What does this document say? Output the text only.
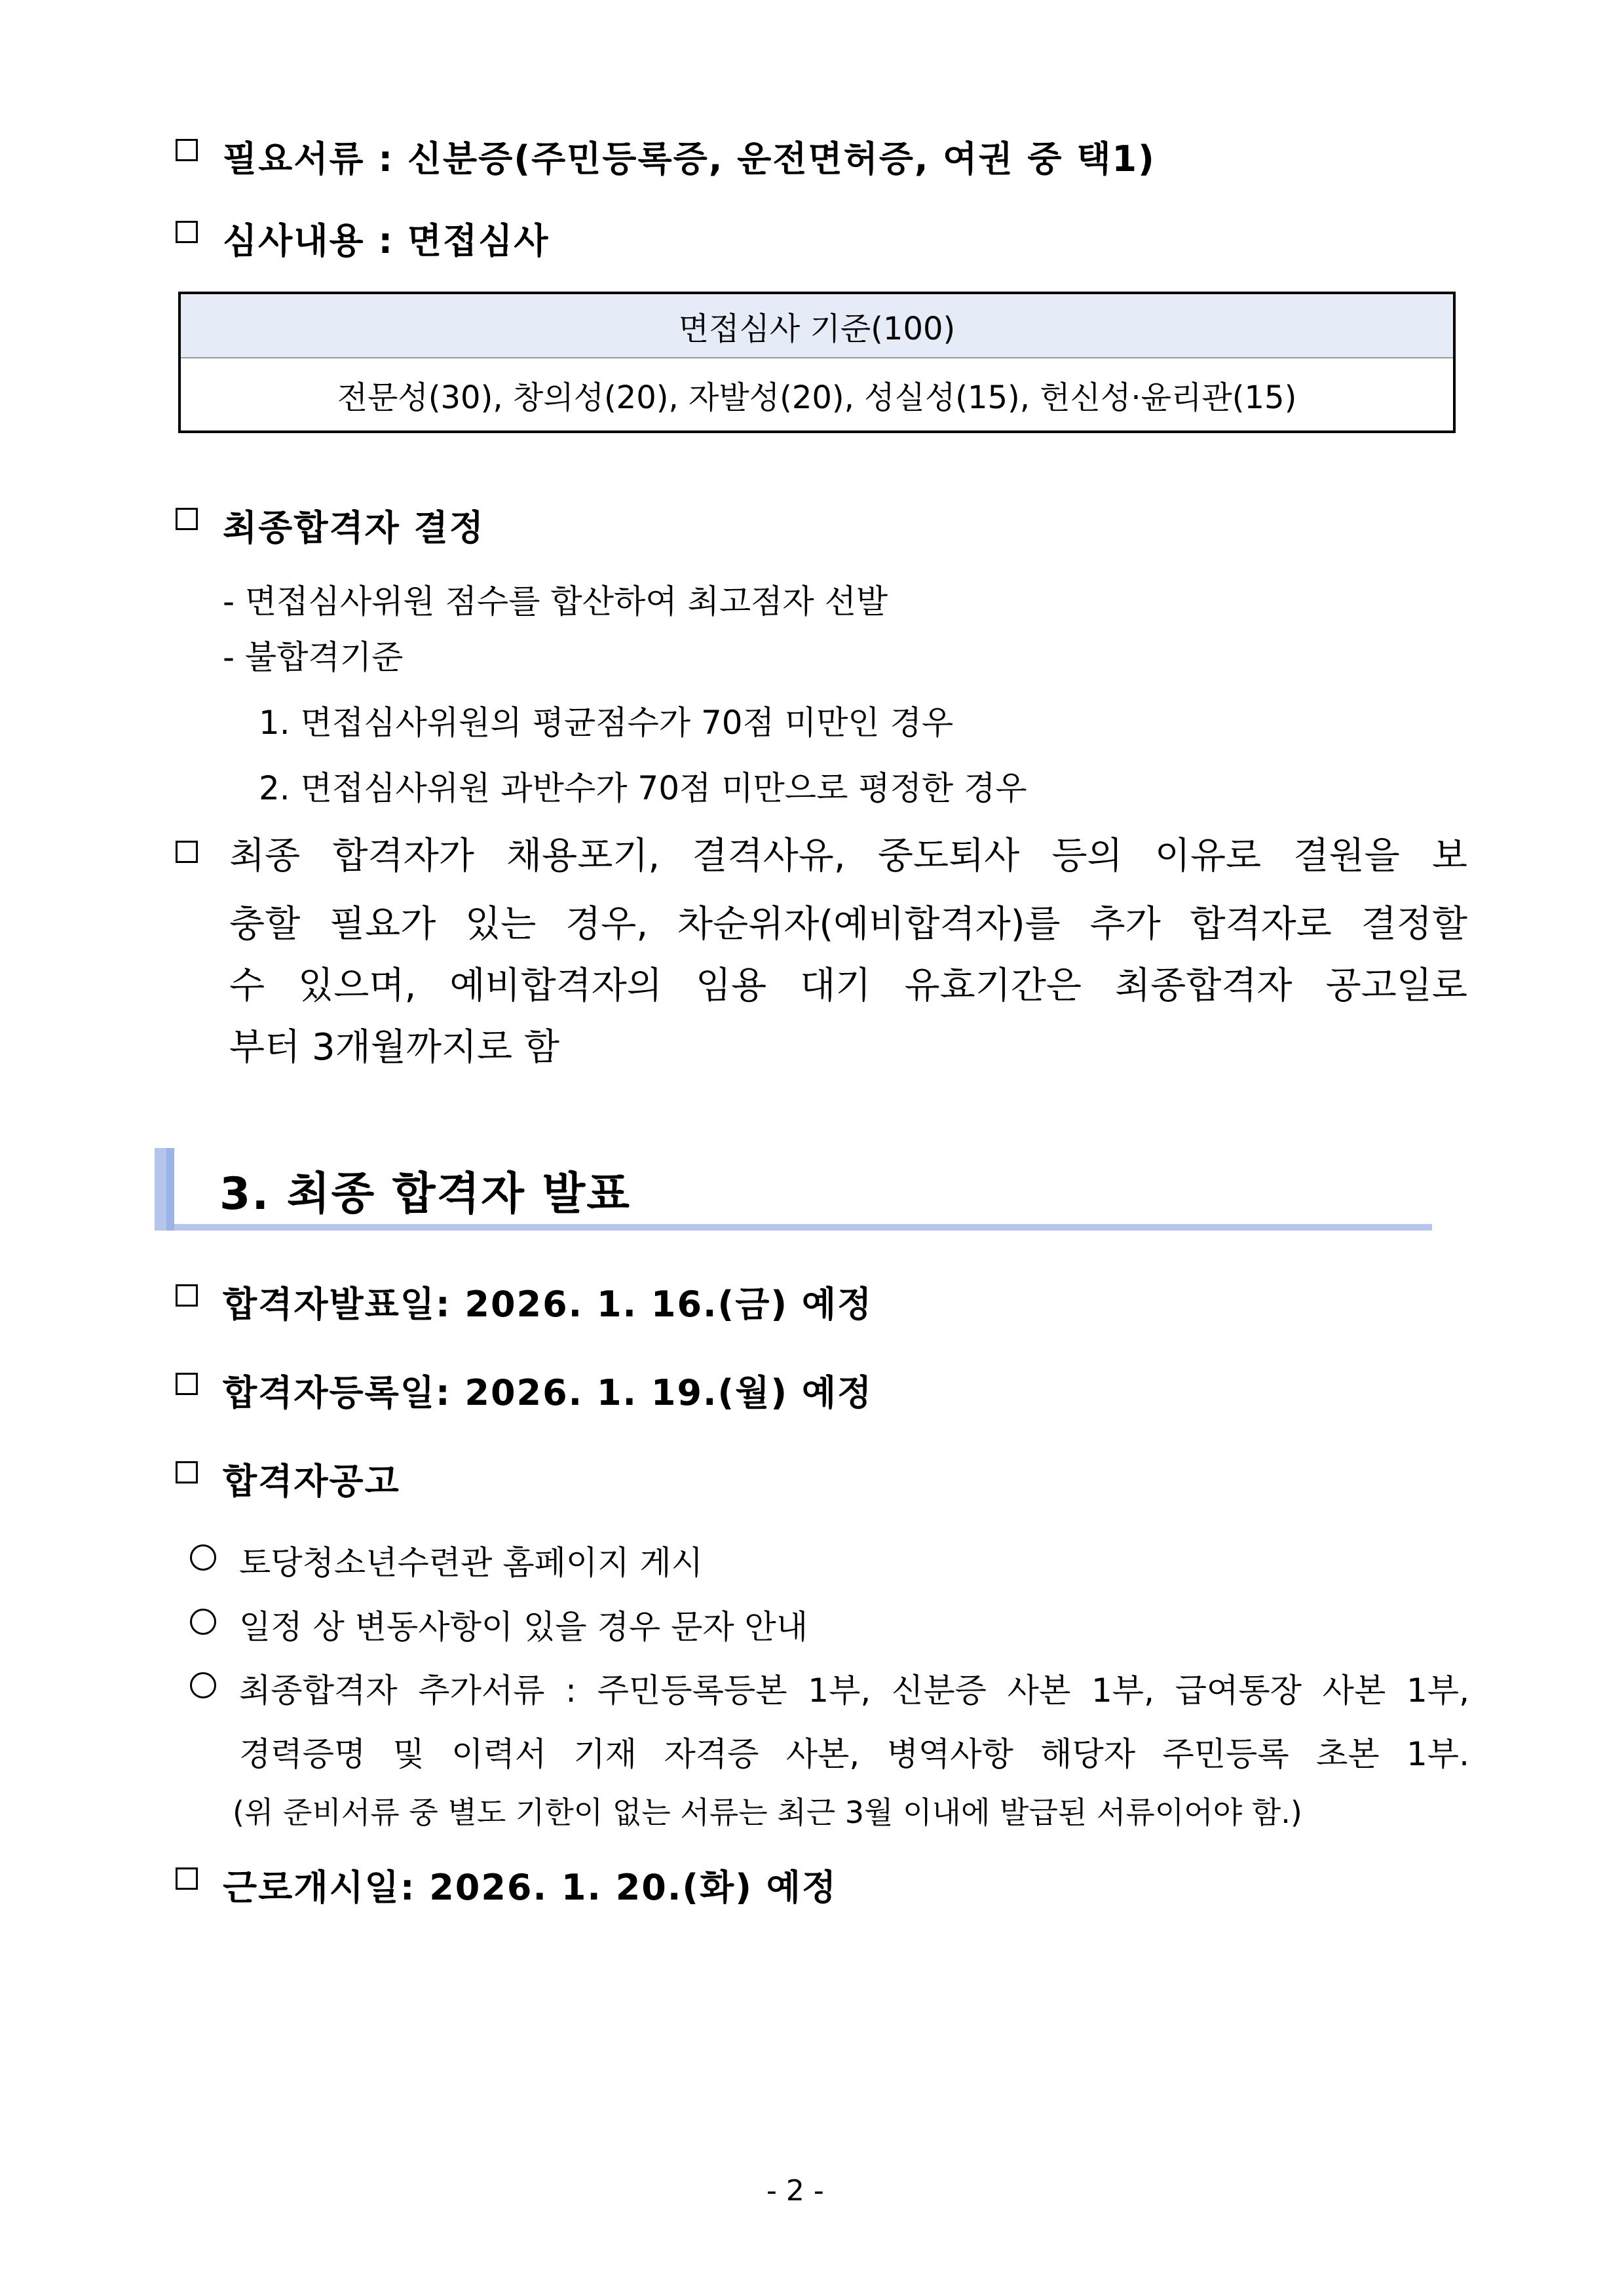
필요서류 : 신분증(주민등록증, 운전면허증, 여권 중 택1)
심사내용 : 면접심사
면접심사 기준(100)
전문성(30), 창의성(20), 자발성(20), 성실성(15), 헌신성·윤리관(15)
최종합격자 결정
- 면접심사위원 점수를 합산하여 최고점자 선발
- 불합격기준
1. 면접심사위원의 평균점수가 70점 미만인 경우
2. 면접심사위원 과반수가 70점 미만으로 평정한 경우
최종 합격자가 채용포기, 결격사유, 중도퇴사 등의 이유로 결원을 보
충할 필요가 있는 경우, 차순위자(예비합격자)를 추가 합격자로 결정할
수 있으며, 예비합격자의 임용 대기 유효기간은 최종합격자 공고일로
부터 3개월까지로 함
3. 최종 합격자 발표
합격자발표일: 2026. 1. 16.(금) 예정
합격자등록일: 2026. 1. 19.(월) 예정
합격자공고
토당청소년수련관 홈페이지 게시
일정 상 변동사항이 있을 경우 문자 안내
최종합격자 추가서류 : 주민등록등본 1부, 신분증 사본 1부, 급여통장 사본 1부,
경력증명 및 이력서 기재 자격증 사본, 병역사항 해당자 주민등록 초본 1부.
(위 준비서류 중 별도 기한이 없는 서류는 최근 3월 이내에 발급된 서류이어야 함.)
근로개시일: 2026. 1. 20.(화) 예정
- 2 -
